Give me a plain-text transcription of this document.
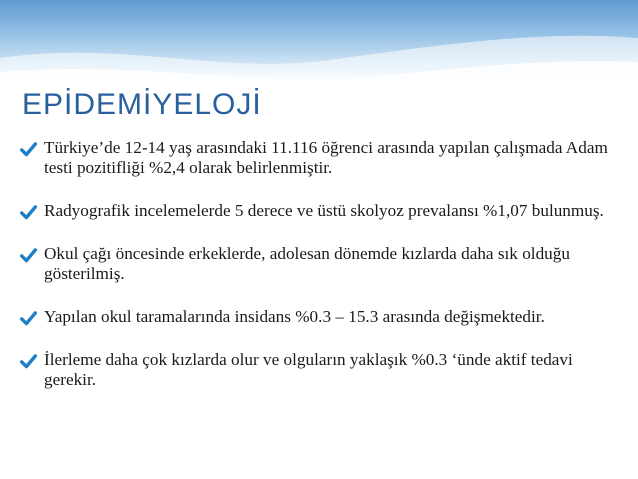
EPİDEMİYELOJİ
Türkiye’de 12-14 yaş arasındaki 11.116 öğrenci arasında yapılan çalışmada Adam testi pozitifliği %2,4 olarak belirlenmiştir.
Radyografik incelemelerde 5 derece ve üstü skolyoz prevalansı %1,07 bulunmuş.
Okul çağı öncesinde erkeklerde, adolesan dönemde kızlarda daha sık olduğu gösterilmiş.
Yapılan okul taramalarında insidans %0.3 – 15.3 arasında değişmektedir.
İlerleme daha çok kızlarda olur ve olguların yaklaşık %0.3 ‘ünde aktif tedavi gerekir.
